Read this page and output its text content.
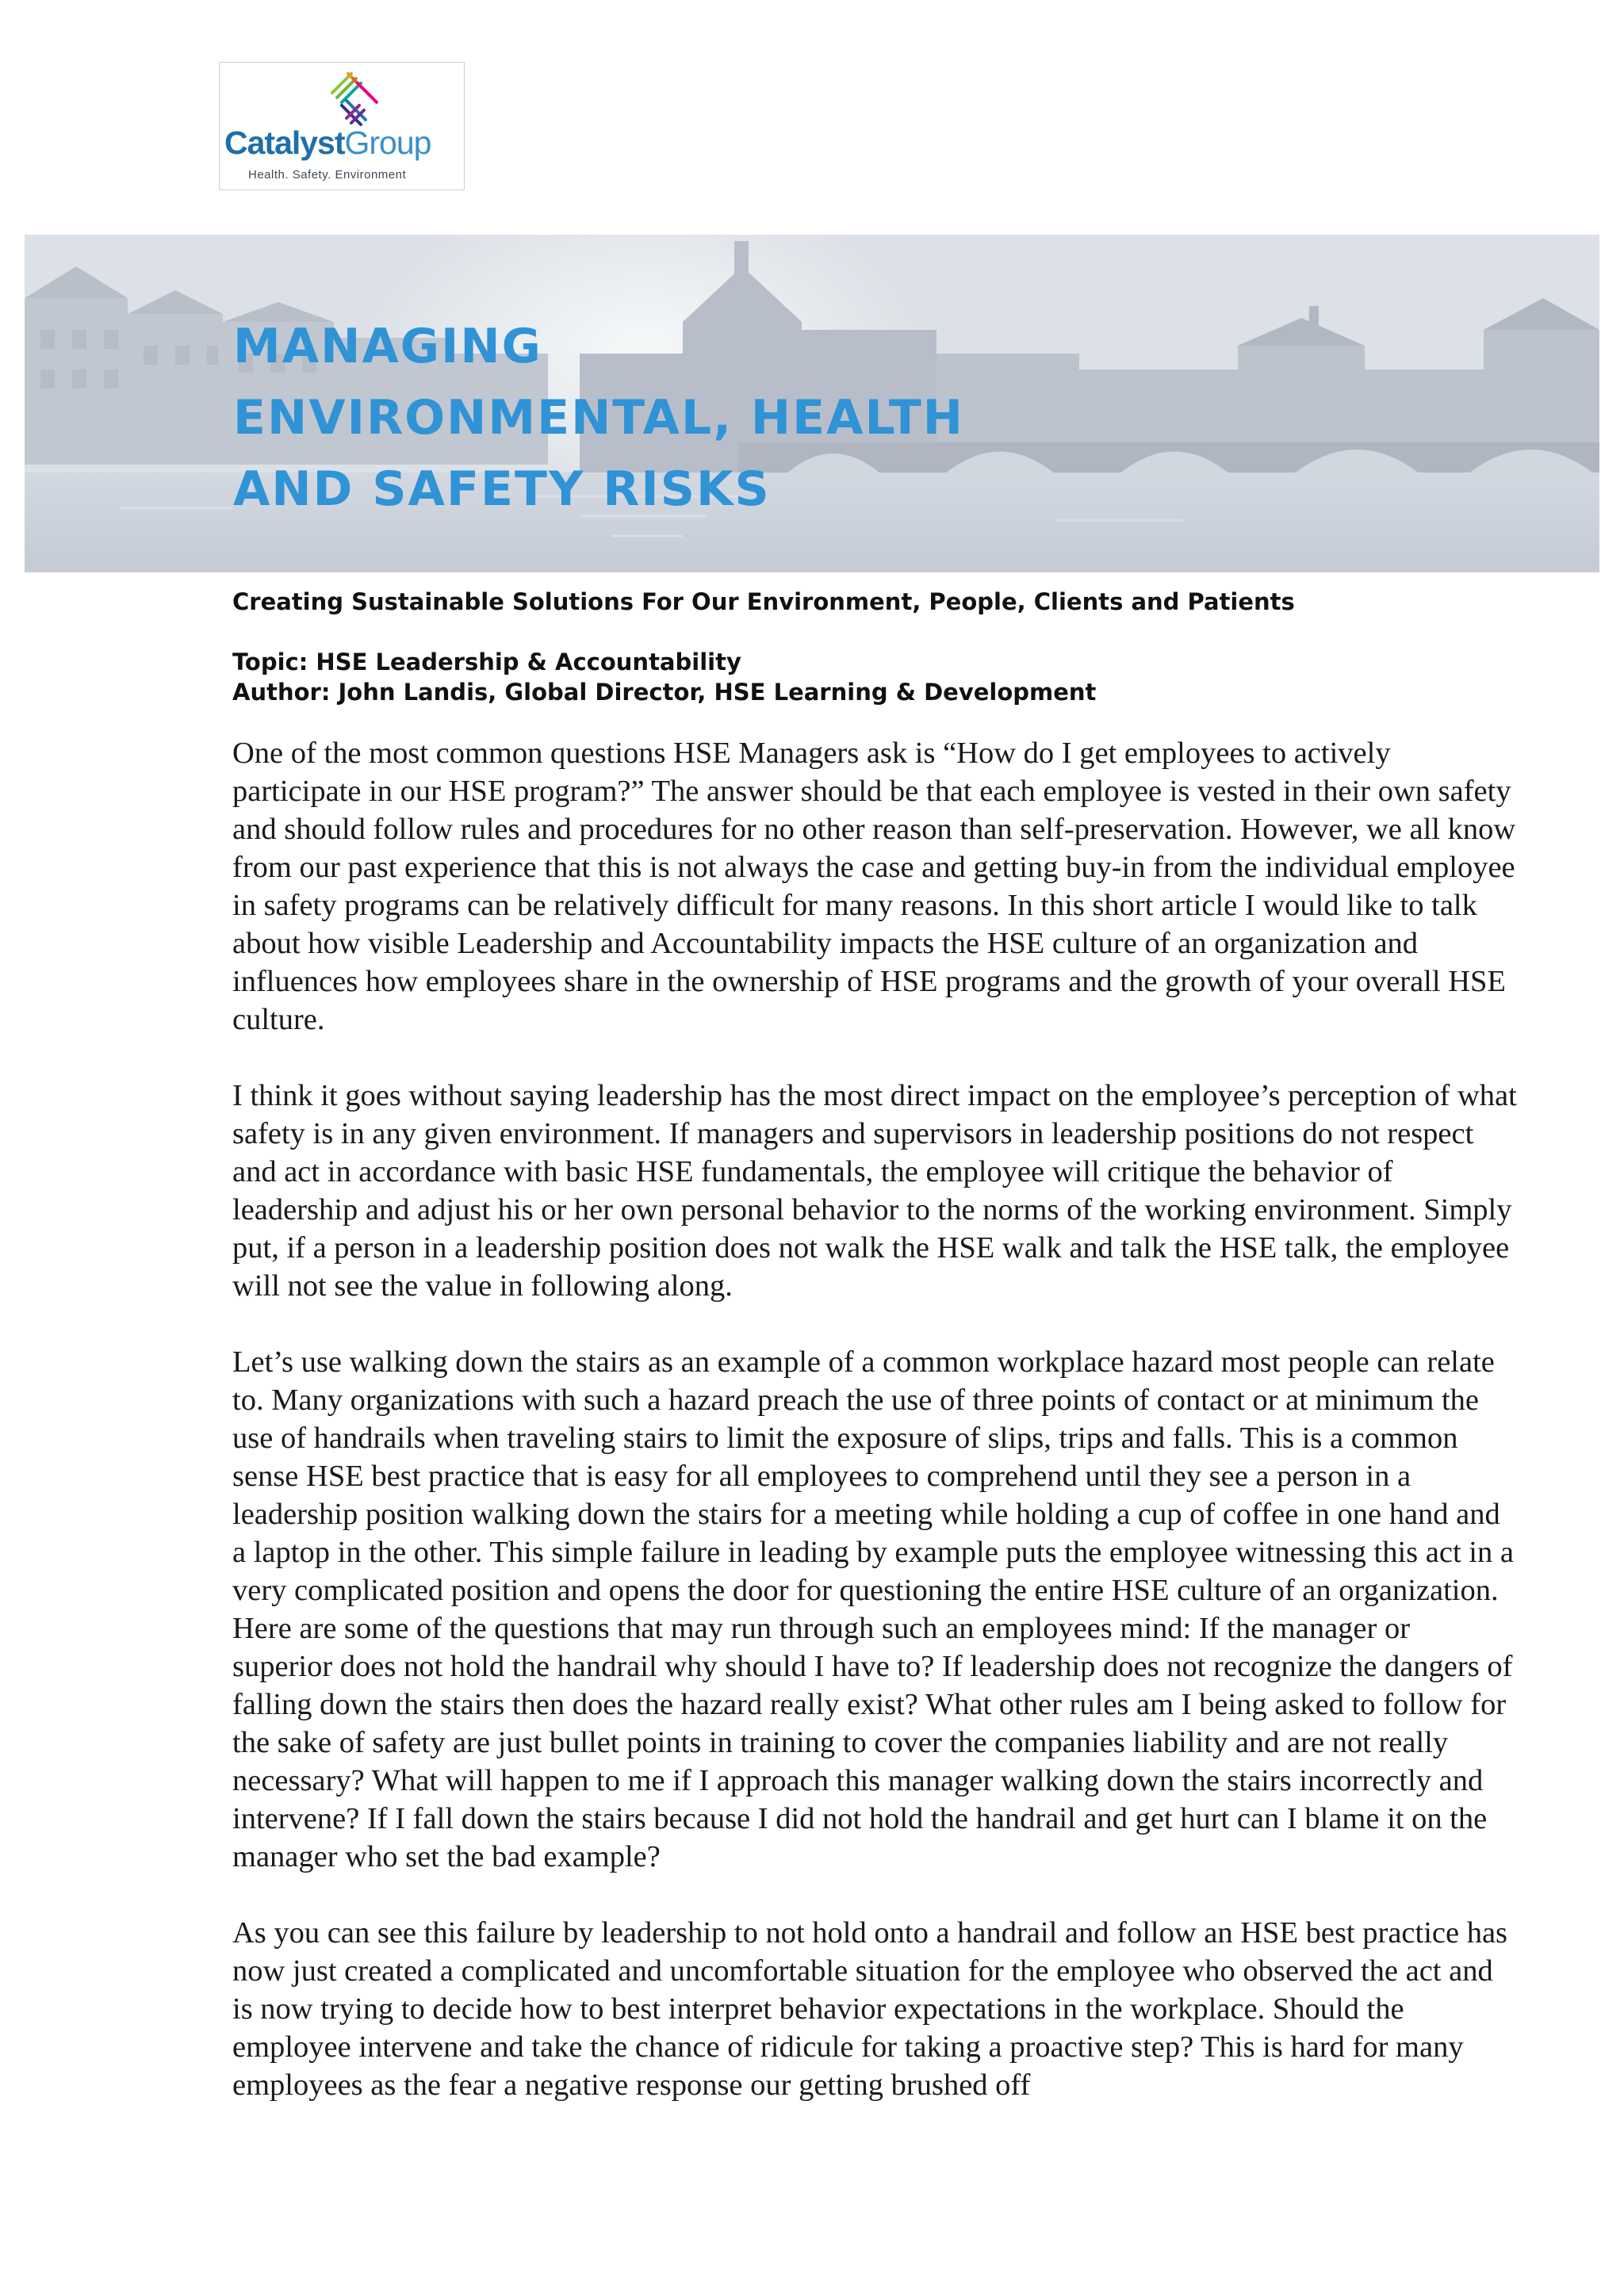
CatalystGroup
Health. Safety. Environment
MANAGING
ENVIRONMENTAL, HEALTH
AND SAFETY RISKS
Creating Sustainable Solutions For Our Environment, People, Clients and Patients
Topic: HSE Leadership & Accountability
Author: John Landis, Global Director, HSE Learning & Development

One of the most common questions HSE Managers ask is “How do I get employees to actively participate in our HSE program?” The answer should be that each employee is vested in their own safety and should follow rules and procedures for no other reason than self-preservation. However, we all know from our past experience that this is not always the case and getting buy-in from the individual employee in safety programs can be relatively difficult for many reasons. In this short article I would like to talk about how visible Leadership and Accountability impacts the HSE culture of an organization and influences how employees share in the ownership of HSE programs and the growth of your overall HSE culture.

I think it goes without saying leadership has the most direct impact on the employee’s perception of what safety is in any given environment. If managers and supervisors in leadership positions do not respect and act in accordance with basic HSE fundamentals, the employee will critique the behavior of leadership and adjust his or her own personal behavior to the norms of the working environment. Simply put, if a person in a leadership position does not walk the HSE walk and talk the HSE talk, the employee will not see the value in following along.

Let’s use walking down the stairs as an example of a common workplace hazard most people can relate to. Many organizations with such a hazard preach the use of three points of contact or at minimum the use of handrails when traveling stairs to limit the exposure of slips, trips and falls. This is a common sense HSE best practice that is easy for all employees to comprehend until they see a person in a leadership position walking down the stairs for a meeting while holding a cup of coffee in one hand and a laptop in the other. This simple failure in leading by example puts the employee witnessing this act in a very complicated position and opens the door for questioning the entire HSE culture of an organization. Here are some of the questions that may run through such an employees mind: If the manager or superior does not hold the handrail why should I have to? If leadership does not recognize the dangers of falling down the stairs then does the hazard really exist? What other rules am I being asked to follow for the sake of safety are just bullet points in training to cover the companies liability and are not really necessary? What will happen to me if I approach this manager walking down the stairs incorrectly and intervene? If I fall down the stairs because I did not hold the handrail and get hurt can I blame it on the manager who set the bad example?

As you can see this failure by leadership to not hold onto a handrail and follow an HSE best practice has now just created a complicated and uncomfortable situation for the employee who observed the act and is now trying to decide how to best interpret behavior expectations in the workplace. Should the employee intervene and take the chance of ridicule for taking a proactive step? This is hard for many employees as the fear a negative response our getting brushed off
